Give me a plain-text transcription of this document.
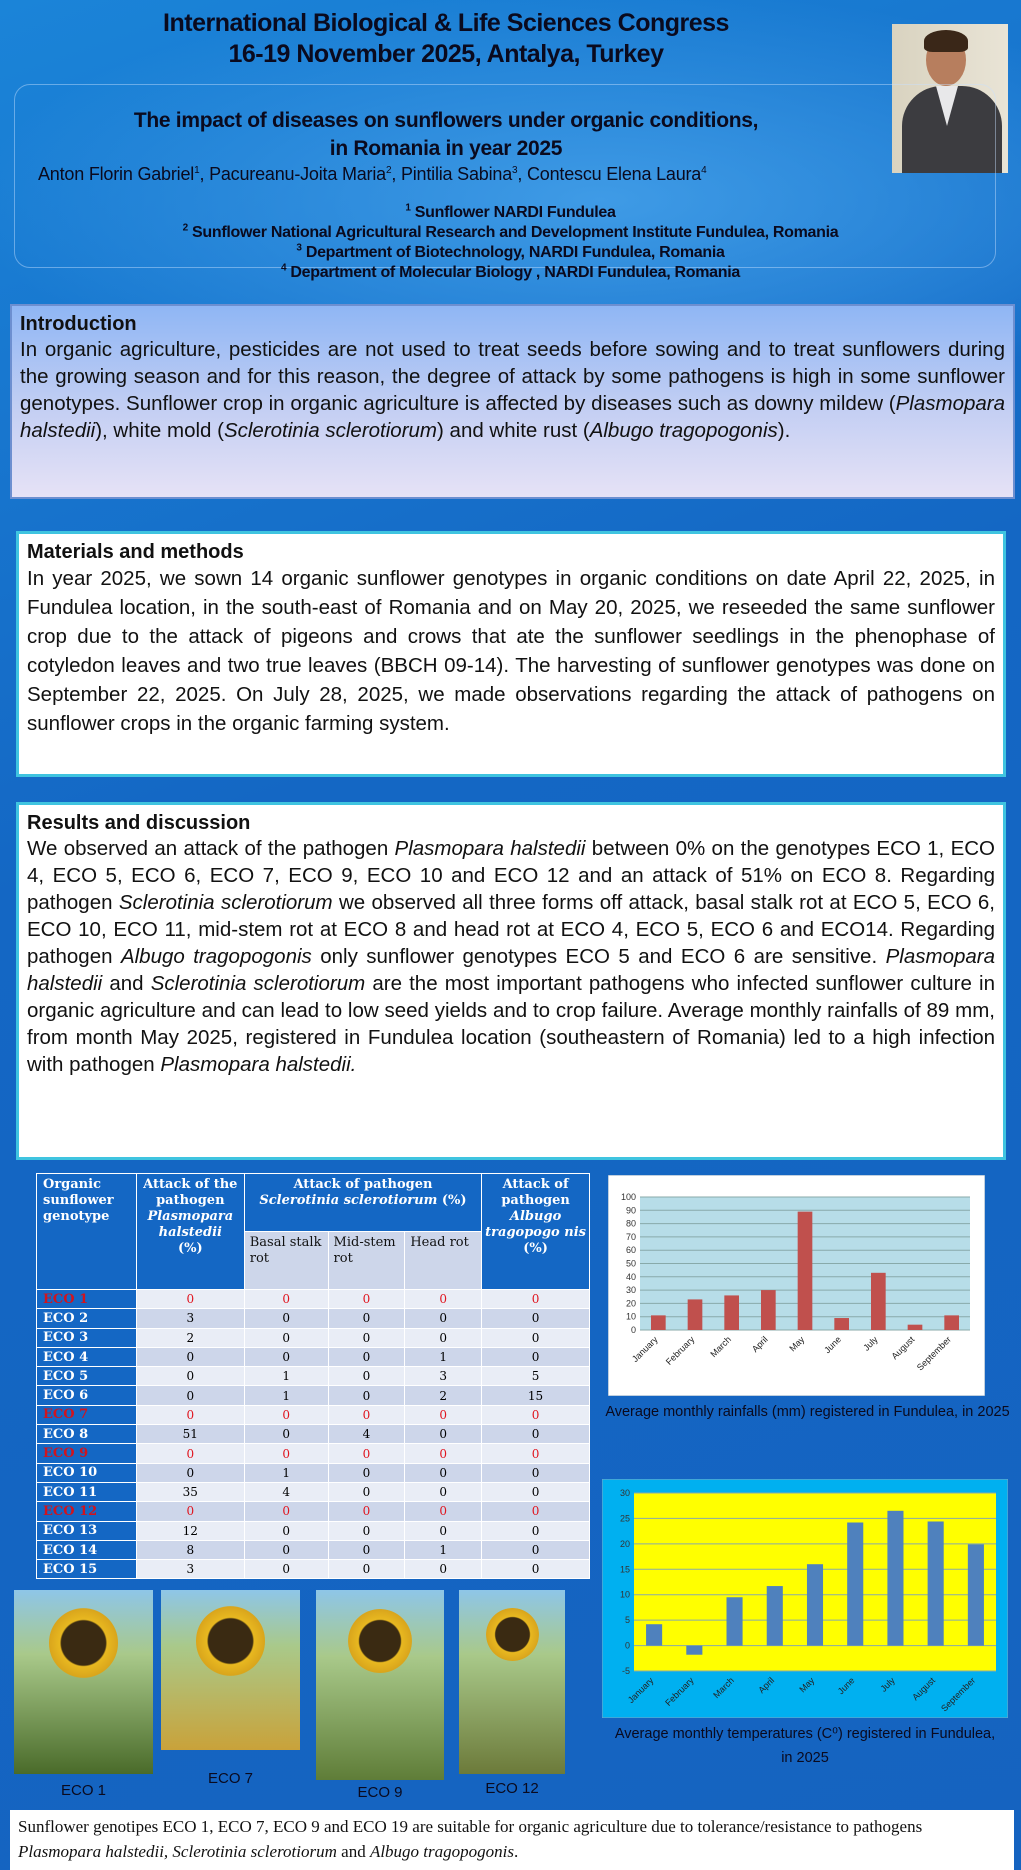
International Biological & Life Sciences Congress
16-19 November 2025, Antalya, Turkey
The impact of diseases on sunflowers under organic conditions,
in Romania in year 2025
Anton Florin Gabriel$^1$, Pacureanu-Joita Maria$^2$, Pintilia Sabina$^3$, Contescu Elena Laura$^4$
$^1$ Sunflower NARDI Fundulea
$^2$ Sunflower National Agricultural Research and Development Institute Fundulea, Romania
$^3$ Department of Biotechnology, NARDI Fundulea, Romania
$^4$ Department of Molecular Biology , NARDI Fundulea, Romania
Introduction

In organic agriculture, pesticides are not used to treat seeds before sowing and to treat sunflowers during the growing season and for this reason, the degree of attack by some pathogens is high in some sunflower genotypes. Sunflower crop in organic agriculture is affected by diseases such as downy mildew (Plasmopara halstedii), white mold (Sclerotinia sclerotiorum) and white rust (Albugo tragopogonis).

Materials and methods

In year 2025, we sown 14 organic sunflower genotypes in organic conditions on date April 22, 2025, in Fundulea location, in the south-east of Romania and on May 20, 2025, we reseeded the same sunflower crop due to the attack of pigeons and crows that ate the sunflower seedlings in the phenophase of cotyledon leaves and two true leaves (BBCH 09-14). The harvesting of sunflower genotypes was done on September 22, 2025. On July 28, 2025, we made observations regarding the attack of pathogens on sunflower crops in the organic farming system.

Results and discussion

We observed an attack of the pathogen Plasmopara halstedii between 0% on the genotypes ECO 1, ECO 4, ECO 5, ECO 6, ECO 7, ECO 9, ECO 10 and ECO 12 and an attack of 51% on ECO 8. Regarding pathogen Sclerotinia sclerotiorum we observed all three forms off attack, basal stalk rot at ECO 5, ECO 6, ECO 10, ECO 11, mid-stem rot at ECO 8 and head rot at ECO 4, ECO 5, ECO 6 and ECO14. Regarding pathogen Albugo tragopogonis only sunflower genotypes ECO 5 and ECO 6 are sensitive. Plasmopara halstedii and Sclerotinia sclerotiorum are the most important pathogens who infected sunflower culture in organic agriculture and can lead to low seed yields and to crop failure. Average monthly rainfalls of 89 mm, from month May 2025, registered in Fundulea location (southeastern of Romania) led to a high infection with pathogen Plasmopara halstedii.

Organic sunflower genotype	Attack of the pathogen
Plasmopara halstedii
(%)	Attack of pathogen
Sclerotinia sclerotiorum (%)			Attack of pathogen
Albugo tragopogo nis
(%)
		Basal stalk rot	Mid-stem rot	Head rot	
ECO 1	0	0	0	0	0
ECO 2	3	0	0	0	0
ECO 3	2	0	0	0	0
ECO 4	0	0	0	1	0
ECO 5	0	1	0	3	5
ECO 6	0	1	0	2	15
ECO 7	0	0	0	0	0
ECO 8	51	0	4	0	0
ECO 9	0	0	0	0	0
ECO 10	0	1	0	0	0
ECO 11	35	4	0	0	0
ECO 12	0	0	0	0	0
ECO 13	12	0	0	0	0
ECO 14	8	0	0	1	0
ECO 15	3	0	0	0	0
0
10
20
30
40
50
60
70
80
90
100
January February March April May June July August
September
Average monthly rainfalls (mm) registered in Fundulea, in 2025
-5
0
5
10
15
20
25
30
January February March April May June July August September
Average monthly temperatures (C⁰) registered in Fundulea, in 2025
ECO 1
ECO 7
ECO 9	ECO 12
Sunflower genotipes ECO 1, ECO 7, ECO 9 and ECO 19 are suitable for organic agriculture due to tolerance/resistance to pathogens Plasmopara halstedii, Sclerotinia sclerotiorum and Albugo tragopogonis.
